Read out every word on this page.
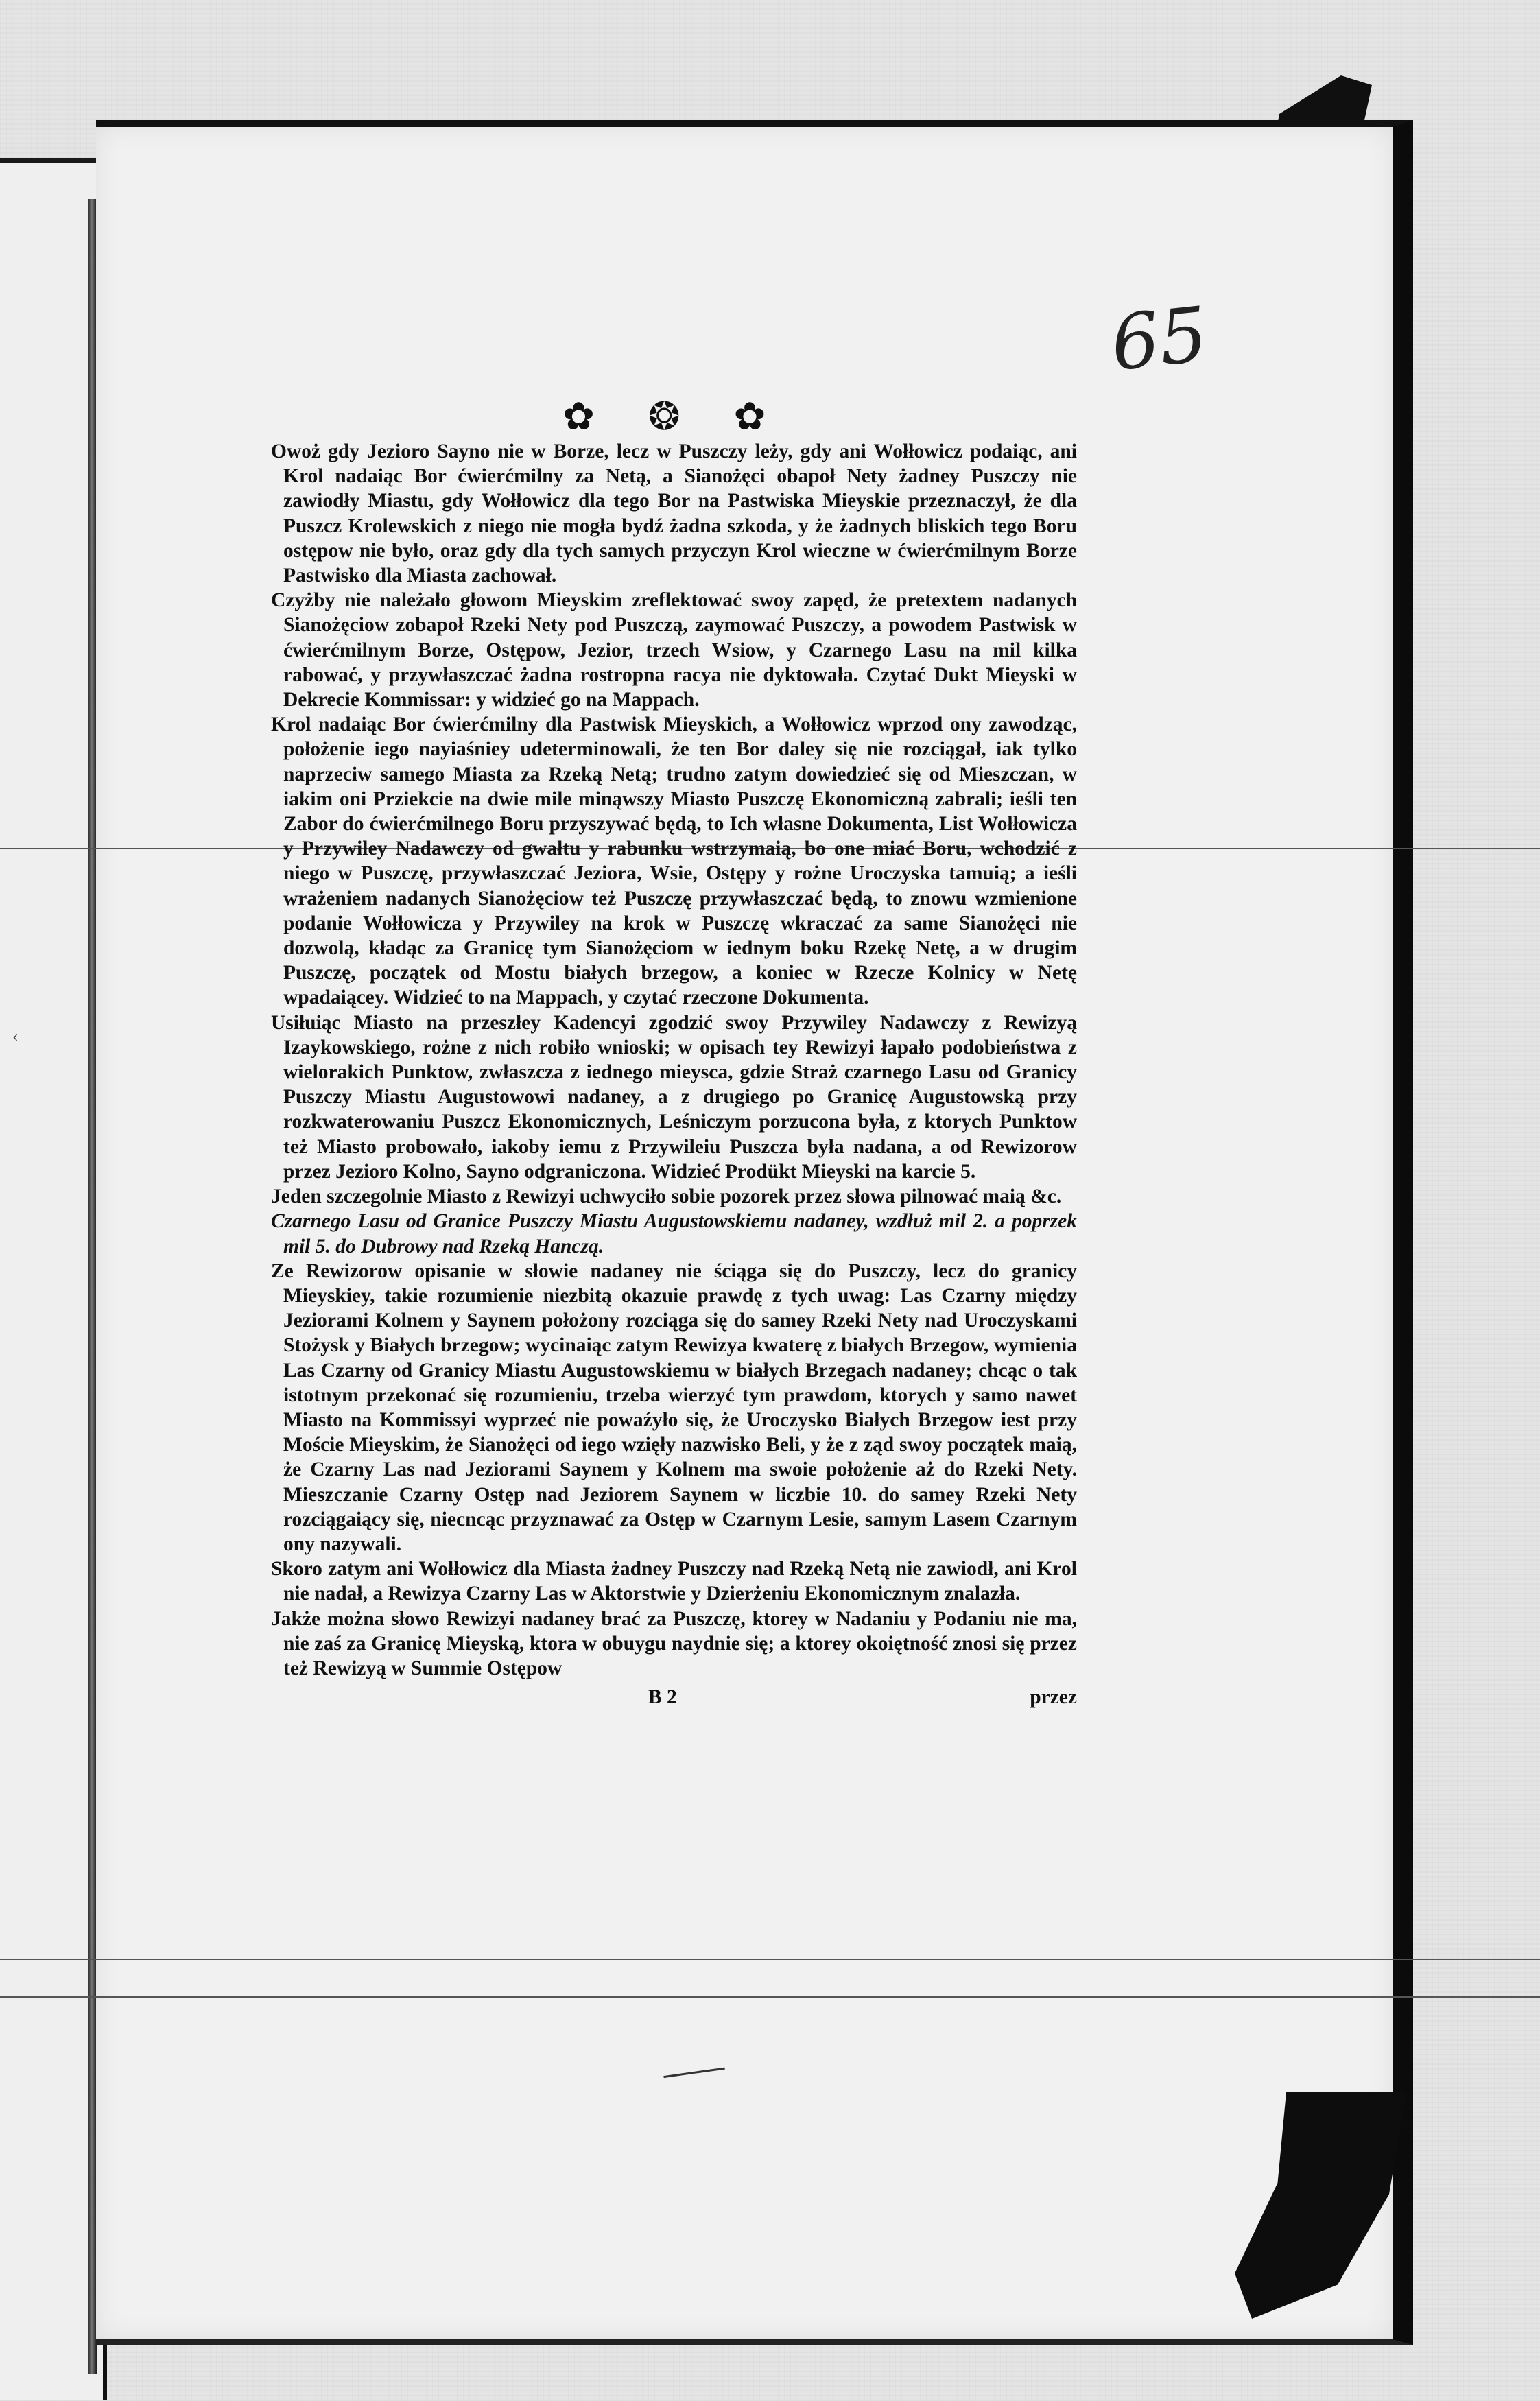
65
✿ ❂ ✿
‹

Owoż gdy Jezioro Sayno nie w Borze, lecz w Puszczy leży, gdy ani Wołłowicz podaiąc, ani Krol nadaiąc Bor ćwierćmilny za Netą, a Sianożęci obapoł Nety żadney Puszczy nie zawiodły Miastu, gdy Wołłowicz dla tego Bor na Pastwiska Mieyskie przeznaczył, że dla Puszcz Krolewskich z niego nie mogła bydź żadna szkoda, y że żadnych bliskich tego Boru ostępow nie było, oraz gdy dla tych samych przyczyn Krol wieczne w ćwierćmilnym Borze Pastwisko dla Miasta zachował.

Czyżby nie należało głowom Mieyskim zreflektować swoy zapęd, że pretextem nadanych Sianożęciow zobapoł Rzeki Nety pod Puszczą, zaymować Puszczy, a powodem Pastwisk w ćwierćmilnym Borze, Ostępow, Jezior, trzech Wsiow, y Czarnego Lasu na mil kilka rabować, y przywłaszczać żadna rostropna racya nie dyktowała. Czytać Dukt Mieyski w Dekrecie Kommissar: y widzieć go na Mappach.

Krol nadaiąc Bor ćwierćmilny dla Pastwisk Mieyskich, a Wołłowicz wprzod ony zawodząc, położenie iego nayiaśniey udeterminowali, że ten Bor daley się nie rozciągał, iak tylko naprzeciw samego Miasta za Rzeką Netą; trudno zatym dowiedzieć się od Mieszczan, w iakim oni Prziekcie na dwie mile minąwszy Miasto Puszczę Ekonomiczną zabrali; ieśli ten Zabor do ćwierćmilnego Boru przyszywać będą, to Ich własne Dokumenta, List Wołłowicza y Przywiley Nadawczy od gwałtu y rabunku wstrzymaią, bo one miać Boru, wchodzić z niego w Puszczę, przywłaszczać Jeziora, Wsie, Ostępy y rożne Uroczyska tamuią; a ieśli wrażeniem nadanych Sianożęciow też Puszczę przywłaszczać będą, to znowu wzmienione podanie Wołłowicza y Przywiley na krok w Puszczę wkraczać za same Sianożęci nie dozwolą, kładąc za Granicę tym Sianożęciom w iednym boku Rzekę Netę, a w drugim Puszczę, początek od Mostu białych brzegow, a koniec w Rzecze Kolnicy w Netę wpadaiącey. Widzieć to na Mappach, y czytać rzeczone Dokumenta.

Usiłuiąc Miasto na przeszłey Kadencyi zgodzić swoy Przywiley Nadawczy z Rewizyą Izaykowskiego, rożne z nich robiło wnioski; w opisach tey Rewizyi łapało podobieństwa z wielorakich Punktow, zwłaszcza z iednego mieysca, gdzie Straż czarnego Lasu od Granicy Puszczy Miastu Augustowowi nadaney, a z drugiego po Granicę Augustowską przy rozkwaterowaniu Puszcz Ekonomicznych, Leśniczym porzucona była, z ktorych Punktow też Miasto probowało, iakoby iemu z Przywileiu Puszcza była nadana, a od Rewizorow przez Jezioro Kolno, Sayno odgraniczona. Widzieć Prodükt Mieyski na karcie 5.

Jeden szczegolnie Miasto z Rewizyi uchwyciło sobie pozorek przez słowa pilnować maią &c.

Czarnego Lasu od Granice Puszczy Miastu Augustowskiemu nadaney, wzdłuż mil 2. a poprzek mil 5. do Dubrowy nad Rzeką Hanczą.

Ze Rewizorow opisanie w słowie nadaney nie ściąga się do Puszczy, lecz do granicy Mieyskiey, takie rozumienie niezbitą okazuie prawdę z tych uwag: Las Czarny między Jeziorami Kolnem y Saynem położony rozciąga się do samey Rzeki Nety nad Uroczyskami Stożysk y Białych brzegow; wycinaiąc zatym Rewizya kwaterę z białych Brzegow, wymienia Las Czarny od Granicy Miastu Augustowskiemu w białych Brzegach nadaney; chcąc o tak istotnym przekonać się rozumieniu, trzeba wierzyć tym prawdom, ktorych y samo nawet Miasto na Kommissyi wyprzeć nie powaźyło się, że Uroczysko Białych Brzegow iest przy Moście Mieyskim, że Sianożęci od iego wzięły nazwisko Beli, y że z ząd swoy początek maią, że Czarny Las nad Jeziorami Saynem y Kolnem ma swoie położenie aż do Rzeki Nety. Mieszczanie Czarny Ostęp nad Jeziorem Saynem w liczbie 10. do samey Rzeki Nety rozciągaiący się, niecncąc przyznawać za Ostęp w Czarnym Lesie, samym Lasem Czarnym ony nazywali.

Skoro zatym ani Wołłowicz dla Miasta żadney Puszczy nad Rzeką Netą nie zawiodł, ani Krol nie nadał, a Rewizya Czarny Las w Aktorstwie y Dzierżeniu Ekonomicznym znalazła.

Jakże można słowo Rewizyi nadaney brać za Puszczę, ktorey w Nadaniu y Podaniu nie ma, nie zaś za Granicę Mieyską, ktora w obuygu naydnie się; a ktorey okoiętność znosi się przez też Rewizyą w Summie Ostępow

B 2	przez
